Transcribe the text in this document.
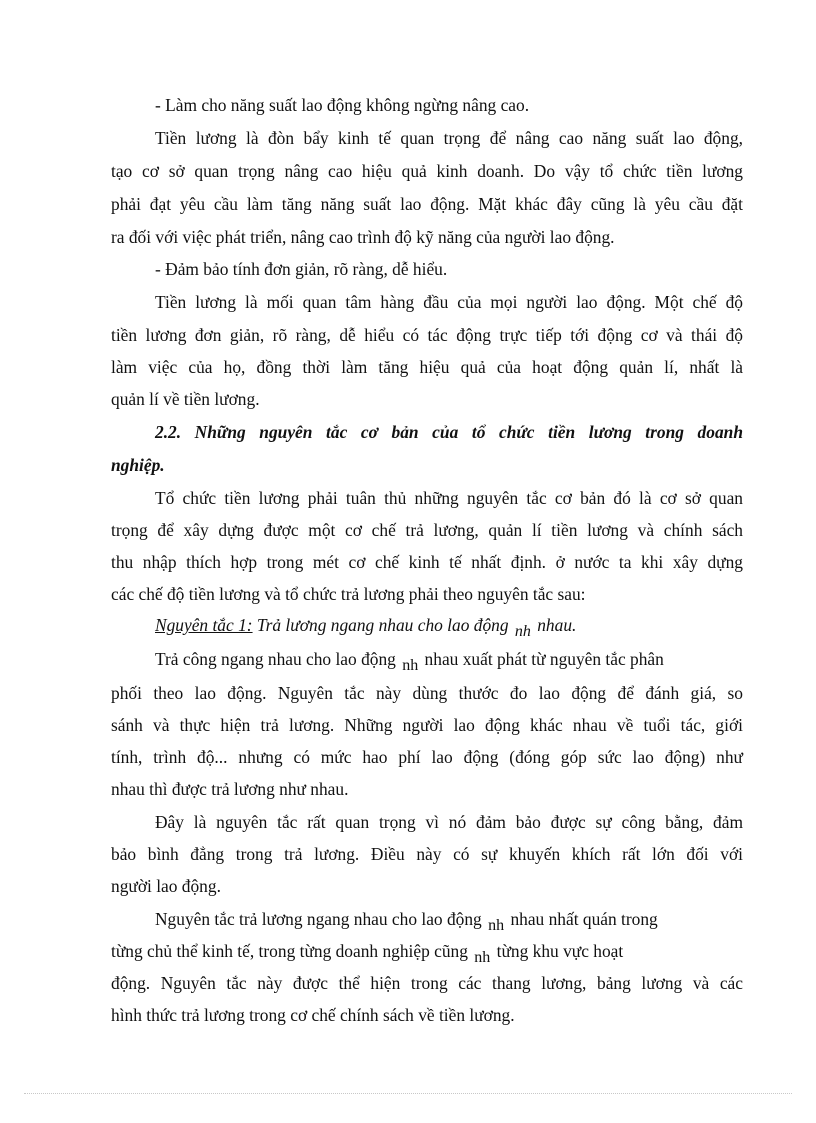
- Làm cho năng suất lao động không ngừng nâng cao.
Tiền lương là đòn bẩy kinh tế quan trọng để nâng cao năng suất lao động,
tạo cơ sở quan trọng nâng cao hiệu quả kinh doanh. Do vậy tổ chức tiền lương
phải đạt yêu cầu làm tăng năng suất lao động. Mặt khác đây cũng là yêu cầu đặt
ra đối với việc phát triển, nâng cao trình độ kỹ năng của người lao động.
- Đảm bảo tính đơn giản, rõ ràng, dễ hiểu.
Tiền lương là mối quan tâm hàng đầu của mọi người lao động. Một chế độ
tiền lương đơn giản, rõ ràng, dễ hiểu có tác động trực tiếp tới động cơ và thái độ
làm việc của họ, đồng thời làm tăng hiệu quả của hoạt động quản lí, nhất là
quản lí về tiền lương.
2.2. Những nguyên tắc cơ bản của tổ chức tiền lương trong doanh
nghiệp.
Tổ chức tiền lương phải tuân thủ những nguyên tắc cơ bản đó là cơ sở quan
trọng để xây dựng được một cơ chế trả lương, quản lí tiền lương và chính sách
thu nhập thích hợp trong mét cơ chế kinh tế nhất định. ở nước ta khi xây dựng
các chế độ tiền lương và tổ chức trả lương phải theo nguyên tắc sau:
Nguyên tắc 1: Trả lương ngang nhau cho lao động nh nhau.
Trả công ngang nhau cho lao động nh nhau xuất phát từ nguyên tắc phân
phối theo lao động. Nguyên tắc này dùng thước đo lao động để đánh giá, so
sánh và thực hiện trả lương. Những người lao động khác nhau về tuổi tác, giới
tính, trình độ... nhưng có mức hao phí lao động (đóng góp sức lao động) như
nhau thì được trả lương như nhau.
Đây là nguyên tắc rất quan trọng vì nó đảm bảo được sự công bằng, đảm
bảo bình đẳng trong trả lương. Điều này có sự khuyến khích rất lớn đối với
người lao động.
Nguyên tắc trả lương ngang nhau cho lao động nh nhau nhất quán trong
từng chủ thể kinh tế, trong từng doanh nghiệp cũng nh từng khu vực hoạt
động. Nguyên tắc này được thể hiện trong các thang lương, bảng lương và các
hình thức trả lương trong cơ chế chính sách về tiền lương.
